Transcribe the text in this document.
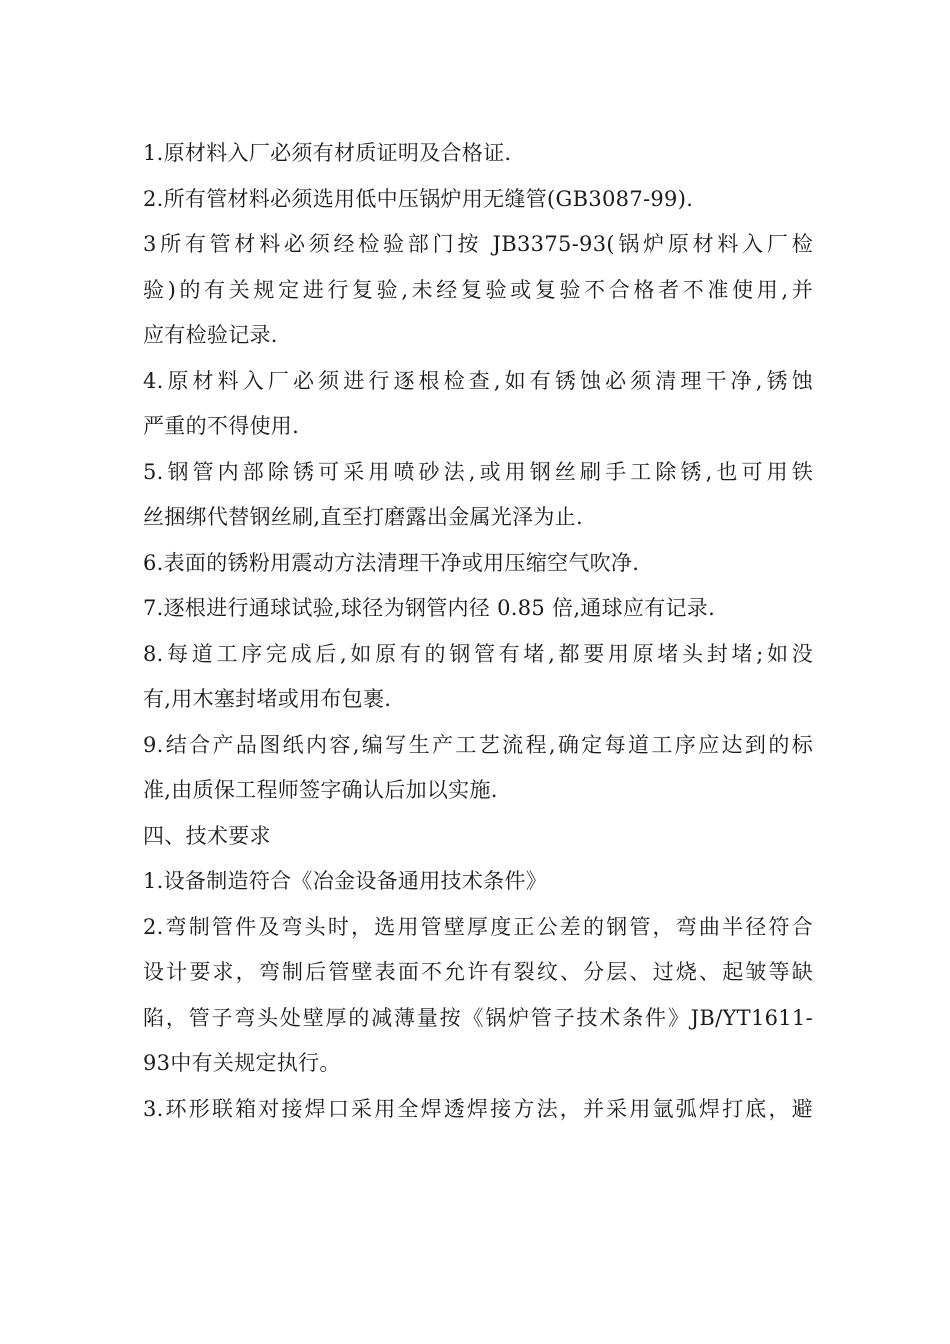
1.原材料入厂必须有材质证明及合格证.
2.所有管材料必须选用低中压锅炉用无缝管(GB3087-99).
3所有管材料必须经检验部门按 JB3375-93(锅炉原材料入厂检
验)的有关规定进行复验,未经复验或复验不合格者不准使用,并
应有检验记录.
4.原材料入厂必须进行逐根检查,如有锈蚀必须清理干净,锈蚀
严重的不得使用.
5.钢管内部除锈可采用喷砂法,或用钢丝刷手工除锈,也可用铁
丝捆绑代替钢丝刷,直至打磨露出金属光泽为止.
6.表面的锈粉用震动方法清理干净或用压缩空气吹净.
7.逐根进行通球试验,球径为钢管内径 0.85 倍,通球应有记录.
8.每道工序完成后,如原有的钢管有堵,都要用原堵头封堵;如没
有,用木塞封堵或用布包裹.
9.结合产品图纸内容,编写生产工艺流程,确定每道工序应达到的标
准,由质保工程师签字确认后加以实施.
四、技术要求
1.设备制造符合《冶金设备通用技术条件》
2.弯制管件及弯头时，选用管壁厚度正公差的钢管，弯曲半径符合
设计要求，弯制后管壁表面不允许有裂纹、分层、过烧、起皱等缺
陷，管子弯头处壁厚的减薄量按《锅炉管子技术条件》JB/YT1611-
93中有关规定执行。
3.环形联箱对接焊口采用全焊透焊接方法，并采用氩弧焊打底，避
